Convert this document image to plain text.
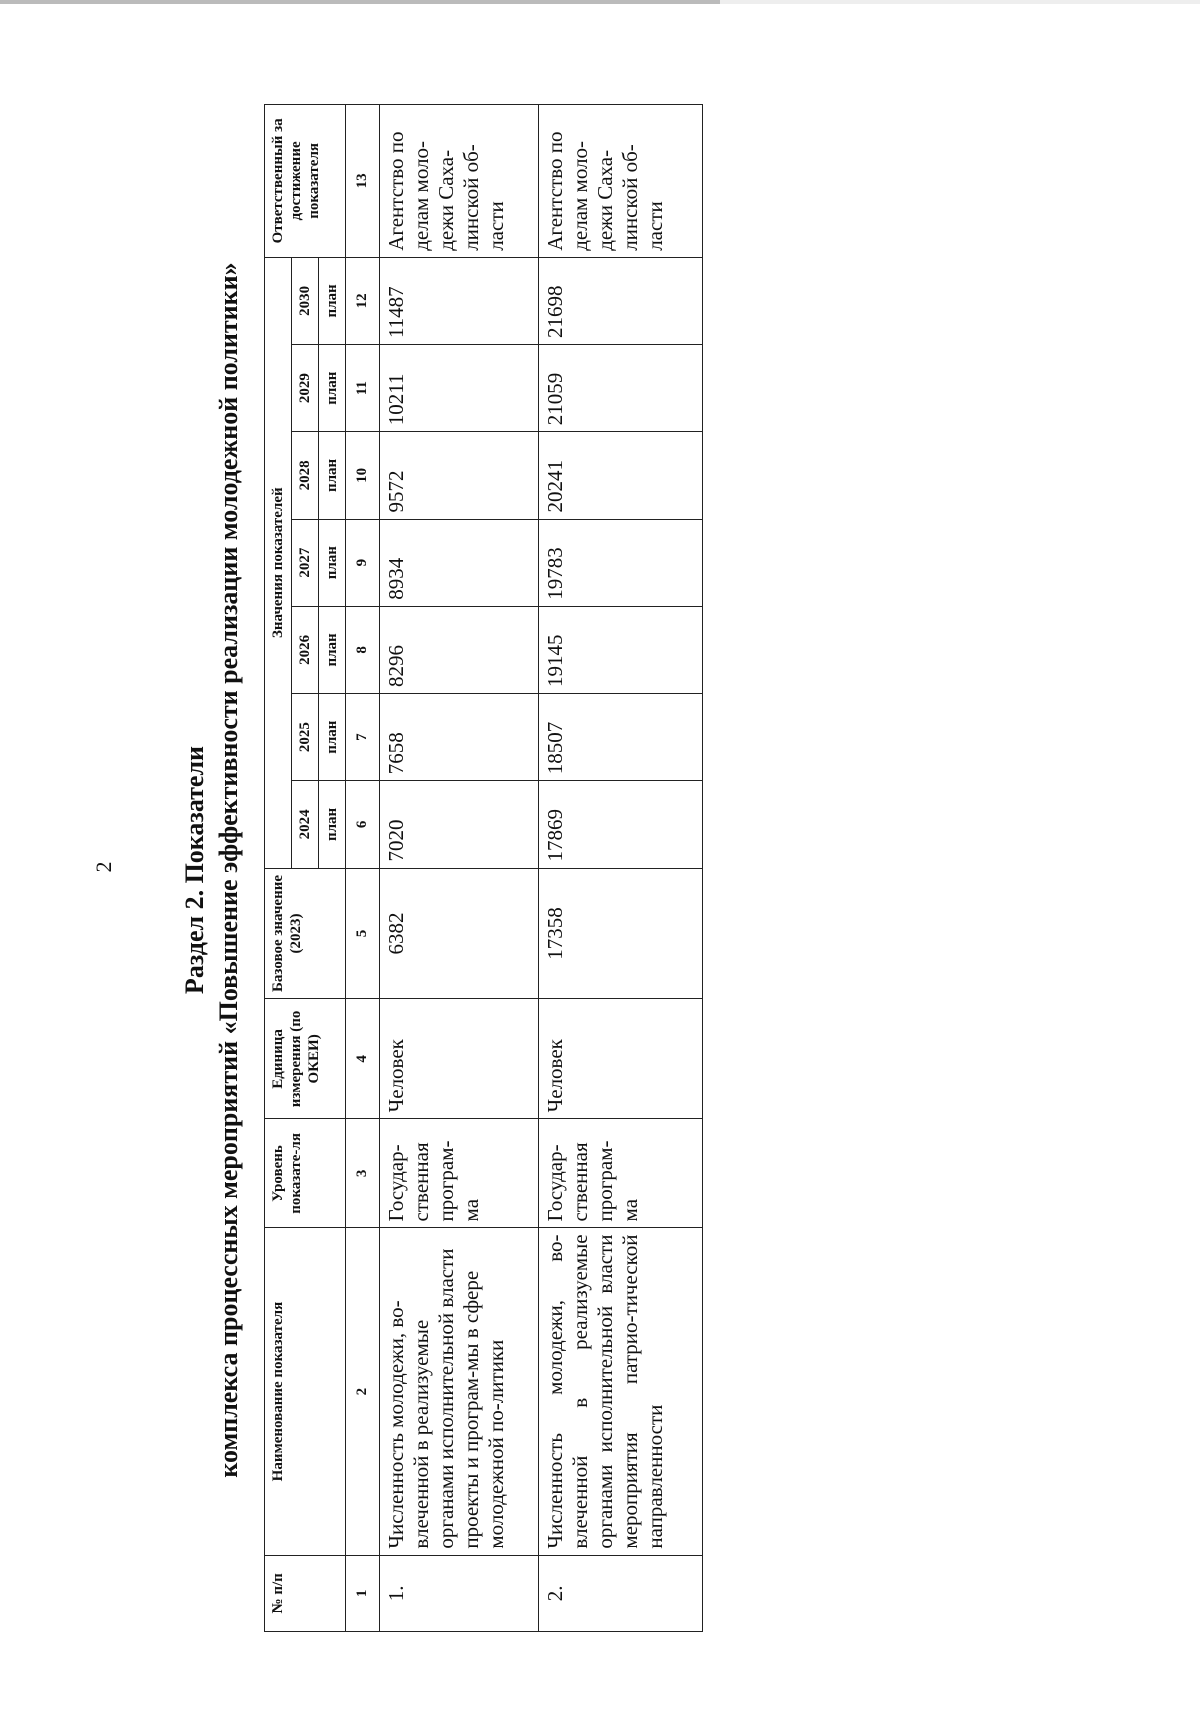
2 Раздел 2. Показатели комплекса процессных мероприятий «Повышение эффективности реализации молодежной политики»

№ п/п	Наименование показателя	Уровень показате-ля	Единица измерения (по ОКЕИ)	Базовое значение (2023)	Значения показателей							Ответственный за достижение показателя
					2024	2025	2026	2027	2028	2029	2030	
					план	план	план	план	план	план	план	
1	2	3	4	5	6	7	8	9	10	11	12	13
1.	Численность молодежи, во-влеченной в реализуемые органами исполнительной власти проекты и програм-мы в сфере молодежной по-литики	Государ-ственная програм-ма	Человек	6382	7020	7658	8296	8934	9572	10211	11487	Агентство по делам моло-дежи Саха-линской об-ласти
2.	Численность молодежи, во-влеченной в реализуемые органами исполнительной власти мероприятия патрио-тической направленности	Государ-ственная програм-ма	Человек	17358	17869	18507	19145	19783	20241	21059	21698	Агентство по делам моло-дежи Саха-линской об-ласти
